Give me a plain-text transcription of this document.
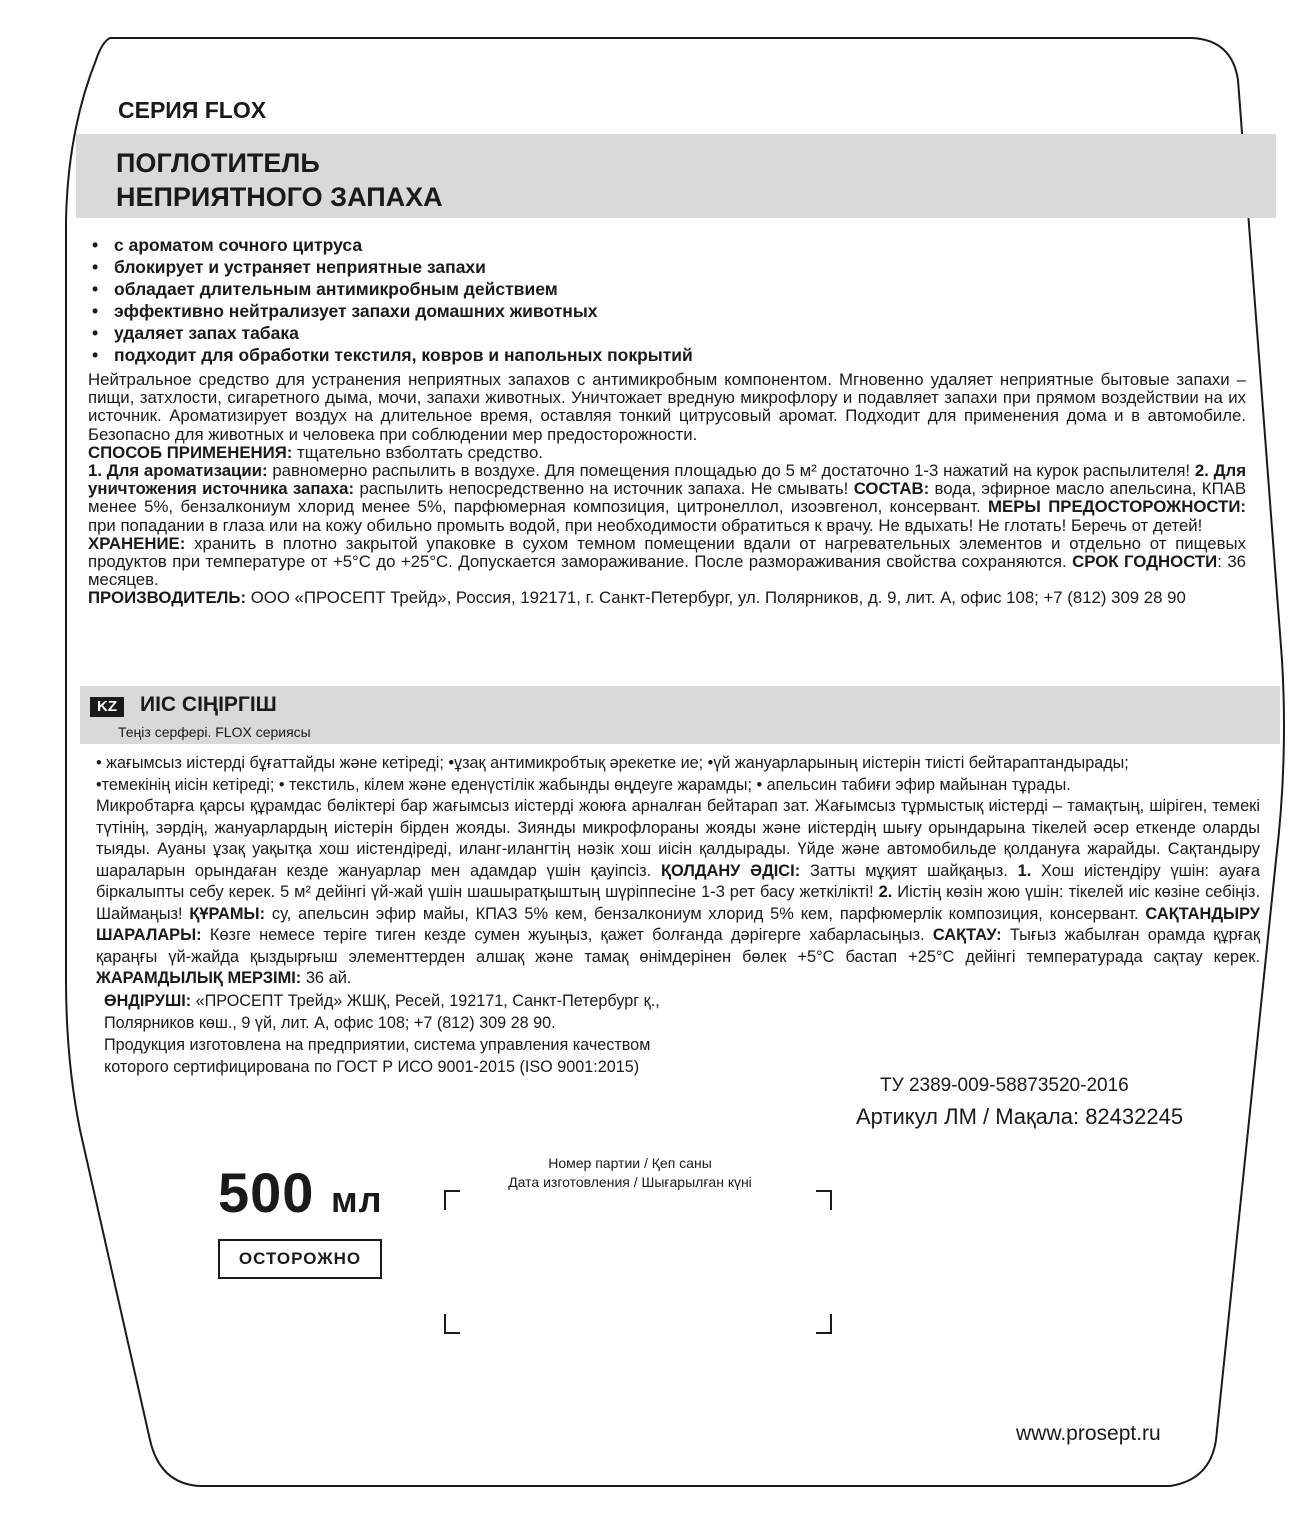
СЕРИЯ FLOX
ПОГЛОТИТЕЛЬ
НЕПРИЯТНОГО ЗАПАХА
• с ароматом сочного цитруса
• блокирует и устраняет неприятные запахи
• обладает длительным антимикробным действием
• эффективно нейтрализует запахи домашних животных
• удаляет запах табака
• подходит для обработки текстиля, ковров и напольных покрытий
Нейтральное средство для устранения неприятных запахов с антимикробным компонентом. Мгновенно удаляет неприятные бытовые запахи – пищи, затхлости, сигаретного дыма, мочи, запахи животных. Уничтожает вредную микрофлору и подавляет запахи при прямом воздействии на их источник. Ароматизирует воздух на длительное время, оставляя тонкий цитрусовый аромат. Подходит для применения дома и в автомобиле. Безопасно для животных и человека при соблюдении мер предосторожности.
СПОСОБ ПРИМЕНЕНИЯ: тщательно взболтать средство.
1. Для ароматизации: равномерно распылить в воздухе. Для помещения площадью до 5 м² достаточно 1-3 нажатий на курок распылителя! 2. Для уничтожения источника запаха: распылить непосредственно на источник запаха. Не смывать! СОСТАВ: вода, эфирное масло апельсина, КПАВ менее 5%, бензалкониум хлорид менее 5%, парфюмерная композиция, цитронеллол, изоэвгенол, консервант. МЕРЫ ПРЕДОСТОРОЖНОСТИ: при попадании в глаза или на кожу обильно промыть водой, при необходимости обратиться к врачу. Не вдыхать! Не глотать! Беречь от детей!
ХРАНЕНИЕ: хранить в плотно закрытой упаковке в сухом темном помещении вдали от нагревательных элементов и отдельно от пищевых продуктов при температуре от +5°С до +25°С. Допускается замораживание. После размораживания свойства сохраняются. СРОК ГОДНОСТИ: 36 месяцев.
ПРОИЗВОДИТЕЛЬ: ООО «ПРОСЕПТ Трейд», Россия, 192171, г. Санкт-Петербург, ул. Полярников, д. 9, лит. А, офис 108; +7 (812) 309 28 90
KZ	ИІС СІҢІРГІШ
Теңіз серфері. FLOX сериясы
• жағымсыз иістерді бұғаттайды және кетіреді; •ұзақ антимикробтық әрекетке ие; •үй жануарларының иістерін тиісті бейтараптандырады;
•темекінің иісін кетіреді; • текстиль, кілем және еденүстілік жабынды өңдеуге жарамды; • апельсин табиғи эфир майынан тұрады.
Микробтарға қарсы құрамдас бөліктері бар жағымсыз иістерді жоюға арналған бейтарап зат. Жағымсыз тұрмыстық иістерді – тамақтың, шіріген, темекі түтінің, зәрдің, жануарлардың иістерін бірден жояды. Зиянды микрофлораны жояды және иістердің шығу орындарына тікелей әсер еткенде оларды тыяды. Ауаны ұзақ уақытқа хош иістендіреді, иланг-илангтің нәзік хош иісін қалдырады. Үйде және автомобильде қолдануға жарайды. Сақтандыру шараларын орындаған кезде жануарлар мен адамдар үшін қауіпсіз. ҚОЛДАНУ ӘДІСІ: Затты мұқият шайқаңыз. 1. Хош иістендіру үшін: ауаға біркалыпты себу керек. 5 м² дейінгі үй-жай үшін шашыратқыштың шүріппесіне 1-3 рет басу жеткілікті! 2. Иістің көзін жою үшін: тікелей иіс көзіне себіңіз. Шаймаңыз! ҚҰРАМЫ: су, апельсин эфир майы, КПАЗ 5% кем, бензалкониум хлорид 5% кем, парфюмерлік композиция, консервант. САҚТАНДЫРУ ШАРАЛАРЫ: Көзге немесе теріге тиген кезде сумен жуыңыз, қажет болғанда дәрігерге хабарласыңыз. САҚТАУ: Тығыз жабылған орамда құрғақ қараңғы үй-жайда қыздырғыш элементтерден алшақ және тамақ өнімдерінен бөлек +5°С бастап +25°С дейінгі температурада сақтау керек. ЖАРАМДЫЛЫҚ МЕРЗІМІ: 36 ай.
ӨНДІРУШІ: «ПРОСЕПТ Трейд» ЖШҚ, Ресей, 192171, Санкт-Петербург қ.,
Полярников көш., 9 үй, лит. А, офис 108; +7 (812) 309 28 90.
Продукция изготовлена на предприятии, система управления качеством
которого сертифицирована по ГОСТ Р ИСО 9001-2015 (ISO 9001:2015)
ТУ 2389-009-58873520-2016
Артикул ЛМ / Мақала: 82432245
500 мл
ОСТОРОЖНО
Номер партии / Қеп саны
Дата изготовления / Шығарылған күні
www.prosept.ru
